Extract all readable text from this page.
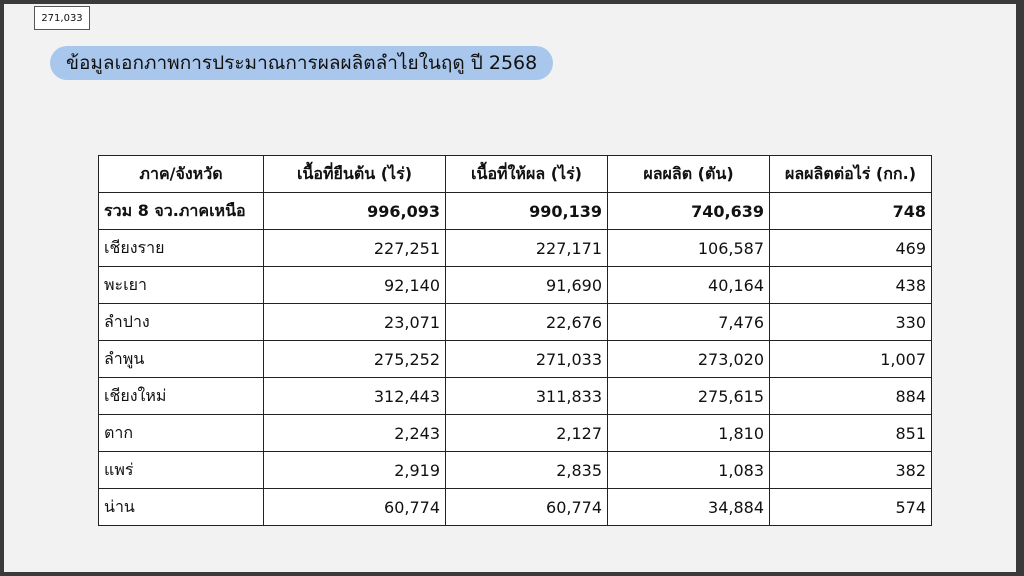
271,033
ข้อมูลเอกภาพการประมาณการผลผลิตลำไยในฤดู ปี 2568
ภาค/จังหวัด	เนื้อที่ยืนต้น (ไร่)	เนื้อที่ให้ผล (ไร่)	ผลผลิต (ตัน)	ผลผลิตต่อไร่ (กก.)
รวม 8 จว.ภาคเหนือ	996,093	990,139	740,639	748
เชียงราย	227,251	227,171	106,587	469
พะเยา	92,140	91,690	40,164	438
ลำปาง	23,071	22,676	7,476	330
ลำพูน	275,252	271,033	273,020	1,007
เชียงใหม่	312,443	311,833	275,615	884
ตาก	2,243	2,127	1,810	851
แพร่	2,919	2,835	1,083	382
น่าน	60,774	60,774	34,884	574
